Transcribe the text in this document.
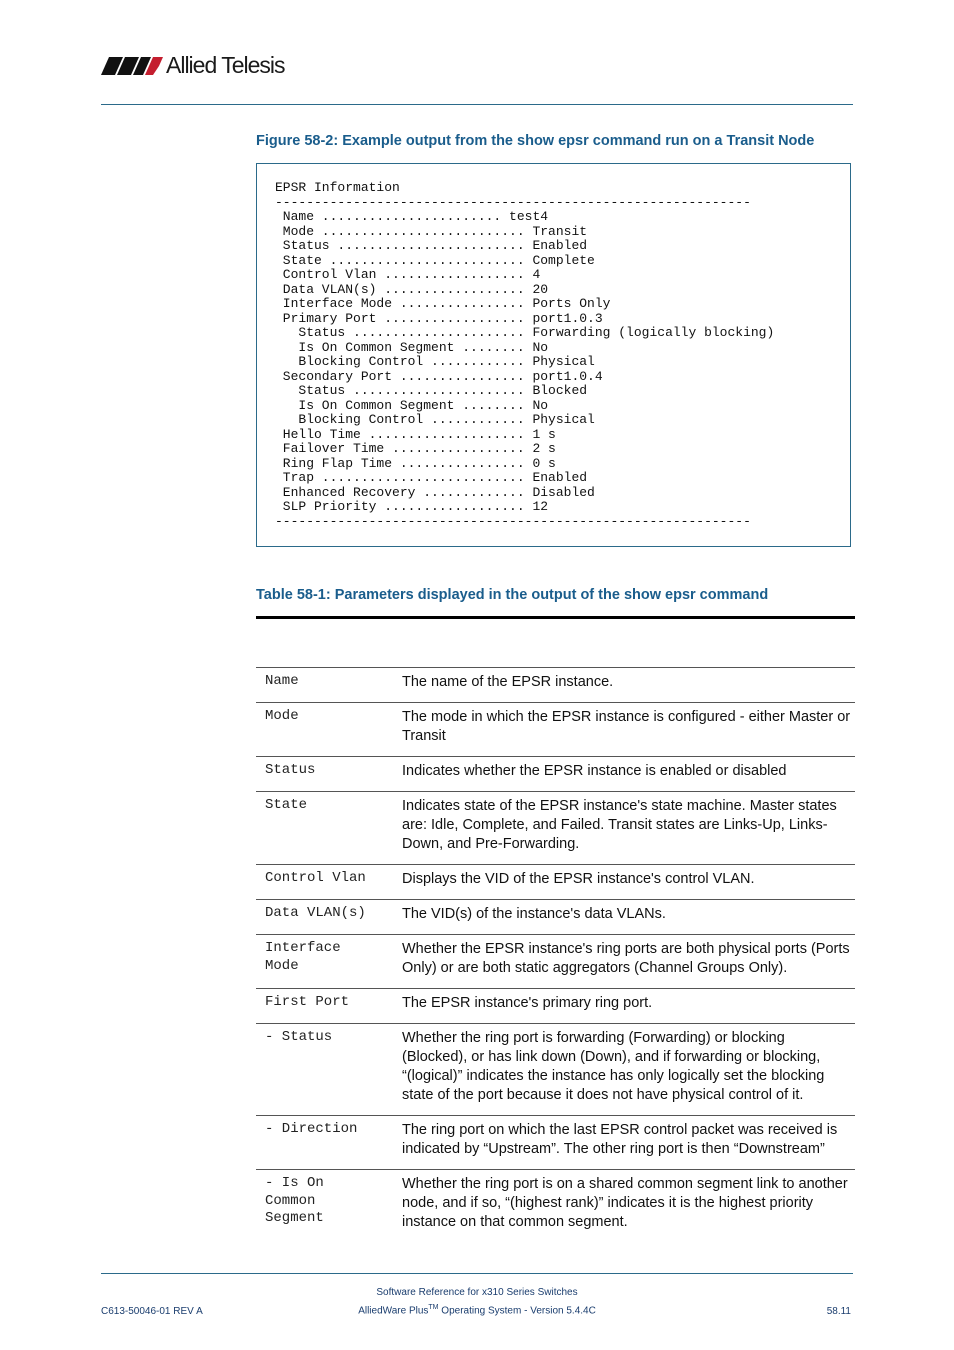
Allied Telesis
Figure 58-2: Example output from the show epsr command run on a Transit Node
EPSR Information
-------------------------------------------------------------
Name ....................... test4
Mode .......................... Transit
Status ........................ Enabled
State ......................... Complete
Control Vlan .................. 4
Data VLAN(s) .................. 20
Interface Mode ................ Ports Only
Primary Port .................. port1.0.3
Status ...................... Forwarding (logically blocking)
Is On Common Segment ........ No
Blocking Control ............ Physical
Secondary Port ................ port1.0.4
Status ...................... Blocked
Is On Common Segment ........ No
Blocking Control ............ Physical
Hello Time .................... 1 s
Failover Time ................. 2 s
Ring Flap Time ................ 0 s
Trap .......................... Enabled
Enhanced Recovery ............. Disabled
SLP Priority .................. 12
-------------------------------------------------------------
Table 58-1: Parameters displayed in the output of the show epsr command
Name	The name of the EPSR instance.
Mode	The mode in which the EPSR instance is configured - either Master or Transit
Status	Indicates whether the EPSR instance is enabled or disabled
State	Indicates state of the EPSR instance's state machine. Master states are: Idle, Complete, and Failed. Transit states are Links-Up, Links-Down, and Pre-Forwarding.
Control Vlan	Displays the VID of the EPSR instance's control VLAN.
Data VLAN(s)	The VID(s) of the instance's data VLANs.
Interface
Mode	Whether the EPSR instance's ring ports are both physical ports (Ports Only) or are both static aggregators (Channel Groups Only).
First Port	The EPSR instance's primary ring port.
- Status	Whether the ring port is forwarding (Forwarding) or blocking (Blocked), or has link down (Down), and if forwarding or blocking, “(logical)” indicates the instance has only logically set the blocking state of the port because it does not have physical control of it.
- Direction	The ring port on which the last EPSR control packet was received is indicated by “Upstream”. The other ring port is then “Downstream”
- Is On
Common
Segment	Whether the ring port is on a shared common segment link to another node, and if so, “(highest rank)” indicates it is the highest priority instance on that common segment.
Software Reference for x310 Series Switches
C613-50046-01 REV A	AlliedWare Plus™ Operating System - Version 5.4.4C	58.11
